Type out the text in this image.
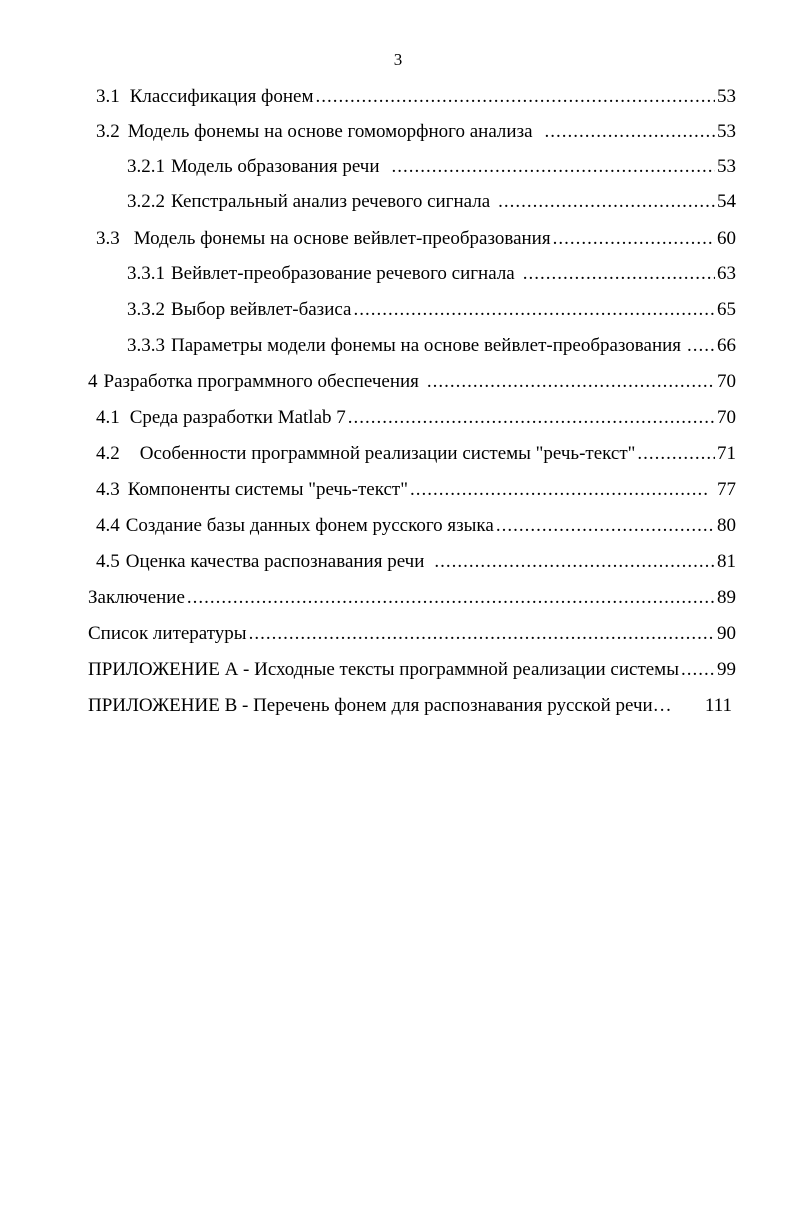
3
3.1 Классификация фонем .....	53
3.2 Модель фонемы на основе гомоморфного анализа .....	53
3.2.1 Модель образования речи .....	53
3.2.2 Кепстральный анализ речевого сигнала .....	54
3.3 Модель фонемы на основе вейвлет-преобразования .....	60
3.3.1 Вейвлет-преобразование речевого сигнала .....	63
3.3.2 Выбор вейвлет-базиса .....	65
3.3.3 Параметры модели фонемы на основе вейвлет-преобразования ..... 66
4 Разработка программного обеспечения .....	70
4.1 Среда разработки Matlab 7 .....	70
4.2 Особенности программной реализации системы "речь-текст" .....	71
4.3 Компоненты системы "речь-текст" .....	77
4.4 Создание базы данных фонем русского языка .....	80
4.5 Оценка качества распознавания речи .....	81
Заключение .....	89
Список литературы .....	90
ПРИЛОЖЕНИЕ А - Исходные тексты программной реализации системы ..... 99
ПРИЛОЖЕНИЕ В - Перечень фонем для распознавания русской речи… 111
